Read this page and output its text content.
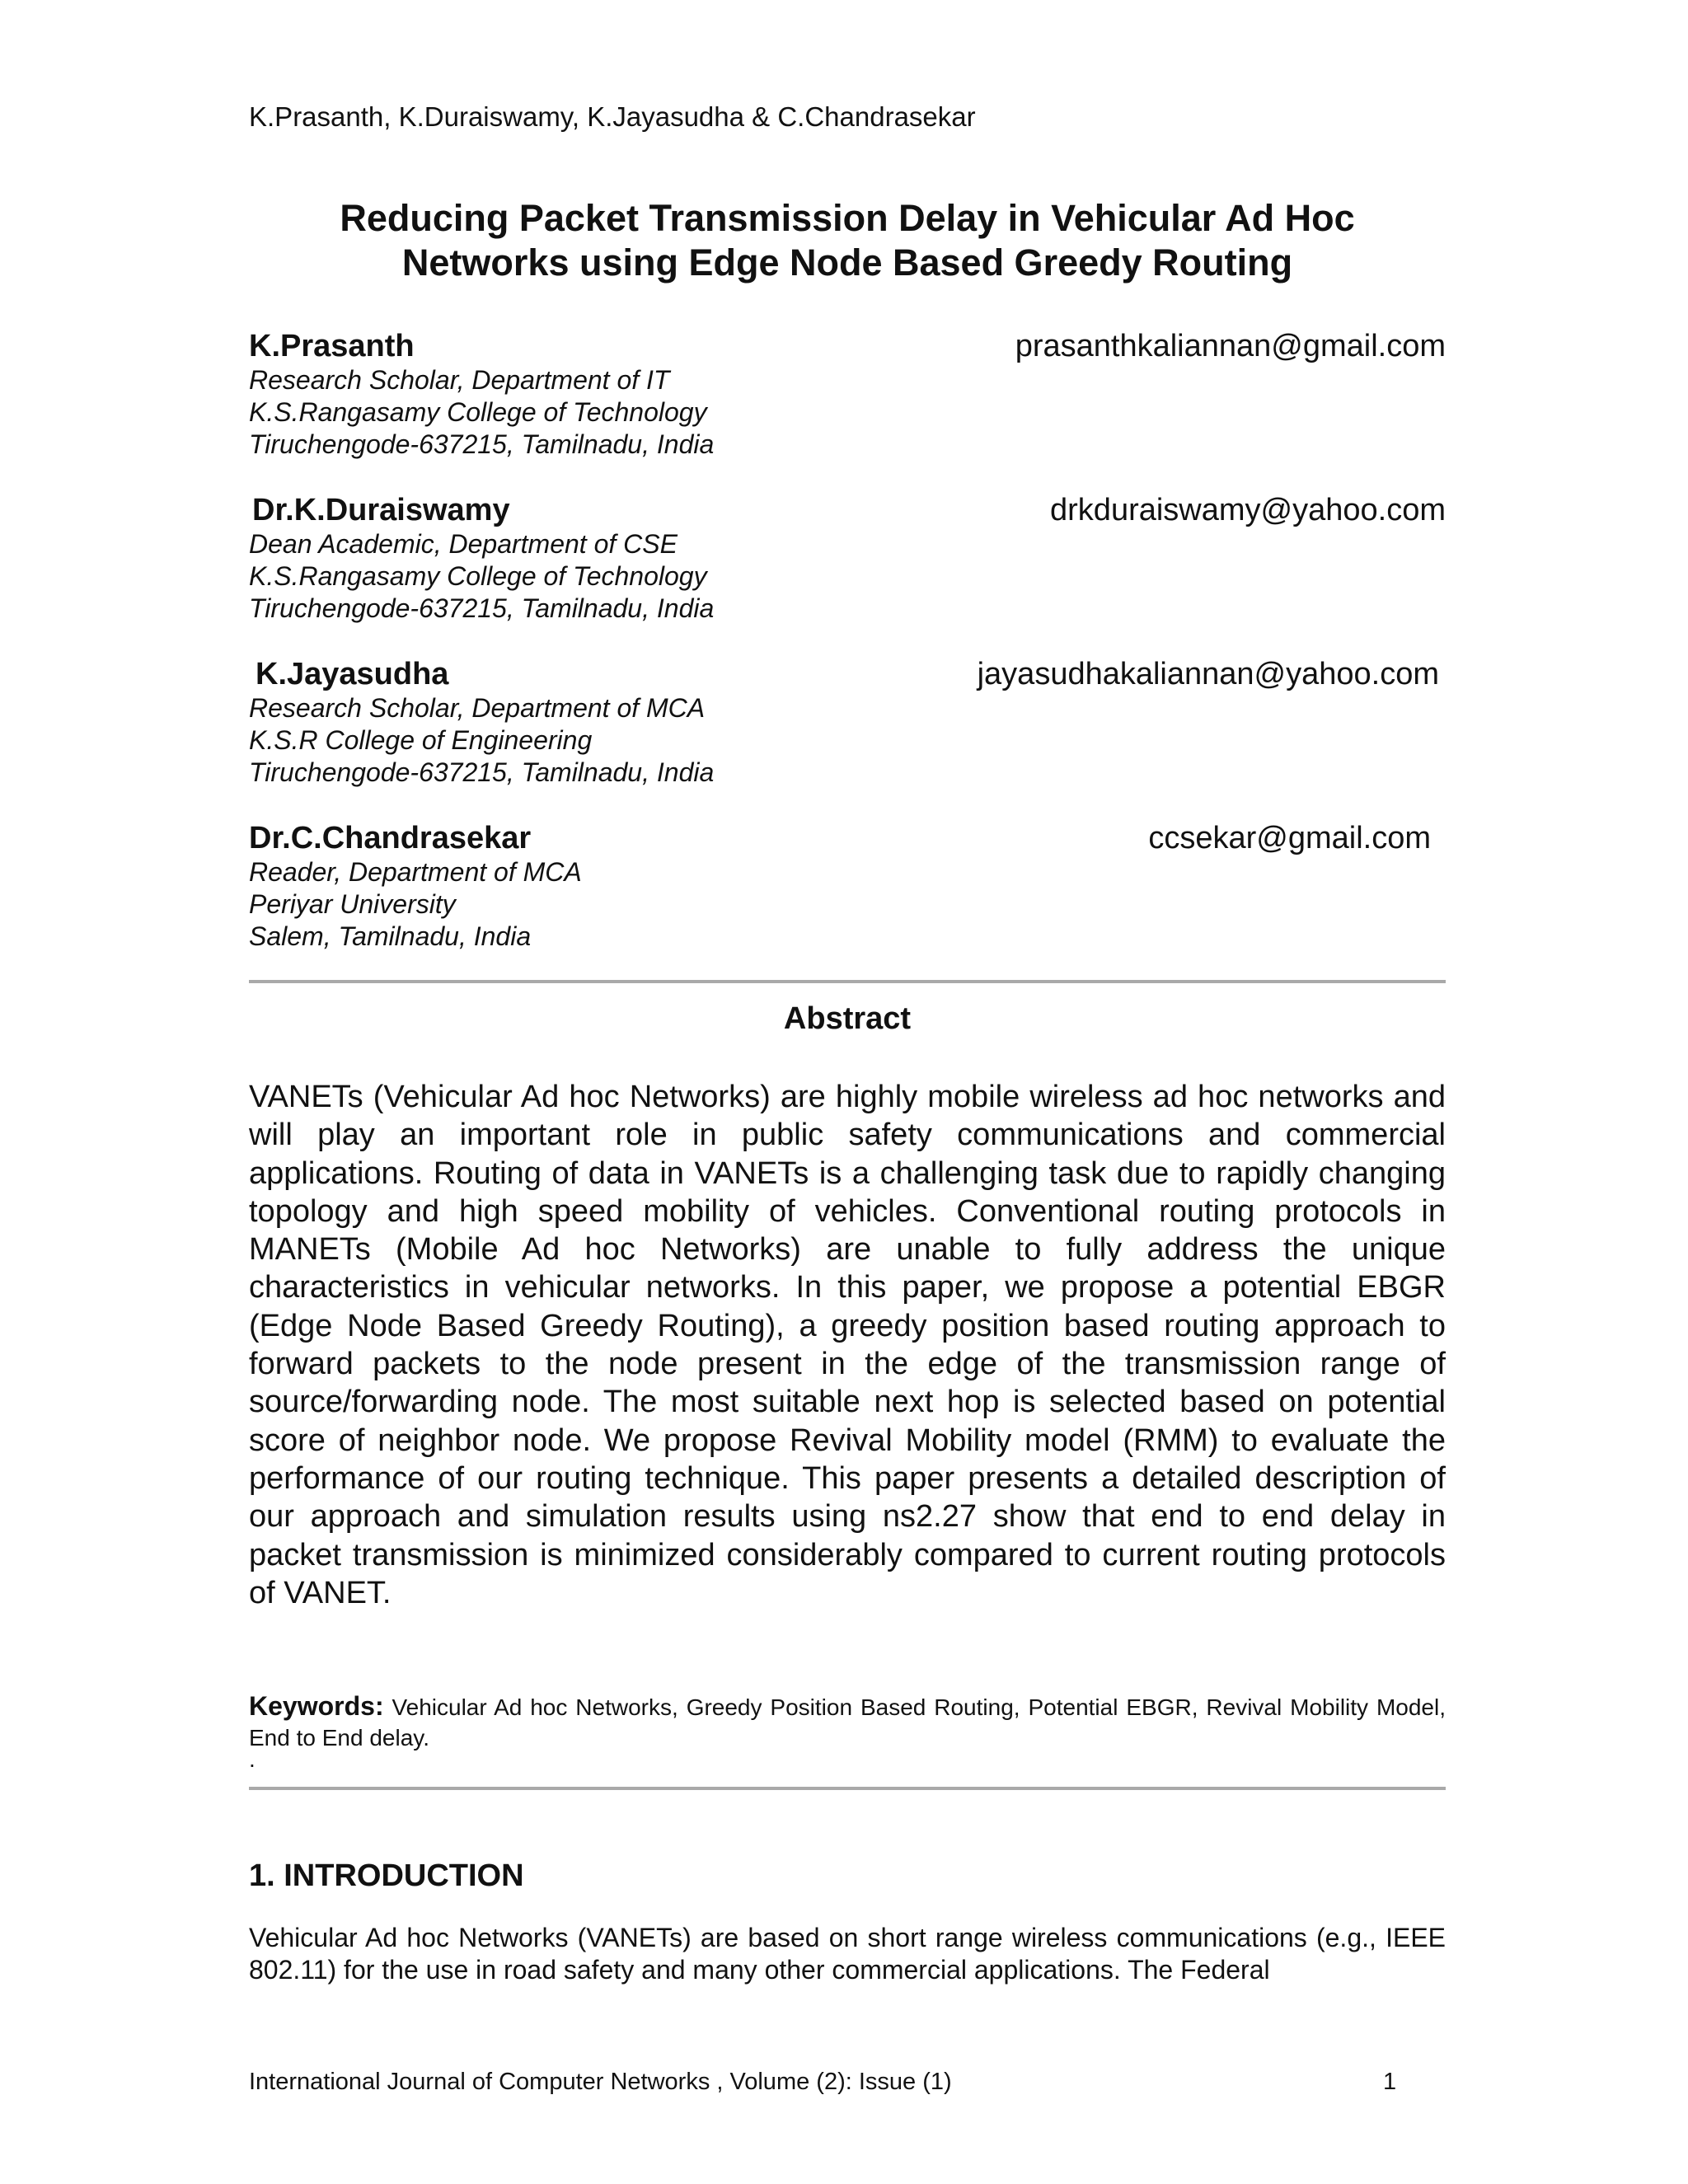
K.Prasanth, K.Duraiswamy, K.Jayasudha & C.Chandrasekar
Reducing Packet Transmission Delay in Vehicular Ad Hoc
Networks using Edge Node Based Greedy Routing
K.Prasanth	prasanthkaliannan@gmail.com
Research Scholar, Department of IT
K.S.Rangasamy College of Technology
Tiruchengode-637215, Tamilnadu, India
Dr.K.Duraiswamy	drkduraiswamy@yahoo.com
Dean Academic, Department of CSE
K.S.Rangasamy College of Technology
Tiruchengode-637215, Tamilnadu, India
K.Jayasudha	jayasudhakaliannan@yahoo.com
Research Scholar, Department of MCA
K.S.R College of Engineering
Tiruchengode-637215, Tamilnadu, India
Dr.C.Chandrasekar	ccsekar@gmail.com
Reader, Department of MCA
Periyar University
Salem, Tamilnadu, India
Abstract
VANETs (Vehicular Ad hoc Networks) are highly mobile wireless ad hoc networks and will play an important role in public safety communications and commercial applications. Routing of data in VANETs is a challenging task due to rapidly changing topology and high speed mobility of vehicles. Conventional routing protocols in MANETs (Mobile Ad hoc Networks) are unable to fully address the unique characteristics in vehicular networks. In this paper, we propose a potential EBGR (Edge Node Based Greedy Routing), a greedy position based routing approach to forward packets to the node present in the edge of the transmission range of source/forwarding node. The most suitable next hop is selected based on potential score of neighbor node. We propose Revival Mobility model (RMM) to evaluate the performance of our routing technique. This paper presents a detailed description of our approach and simulation results using ns2.27 show that end to end delay in packet transmission is minimized considerably compared to current routing protocols of VANET.
Keywords: Vehicular Ad hoc Networks, Greedy Position Based Routing, Potential EBGR, Revival Mobility Model, End to End delay.
.
1. INTRODUCTION
Vehicular Ad hoc Networks (VANETs) are based on short range wireless communications (e.g., IEEE 802.11) for the use in road safety and many other commercial applications. The Federal
International Journal of Computer Networks , Volume (2): Issue (1)	1
